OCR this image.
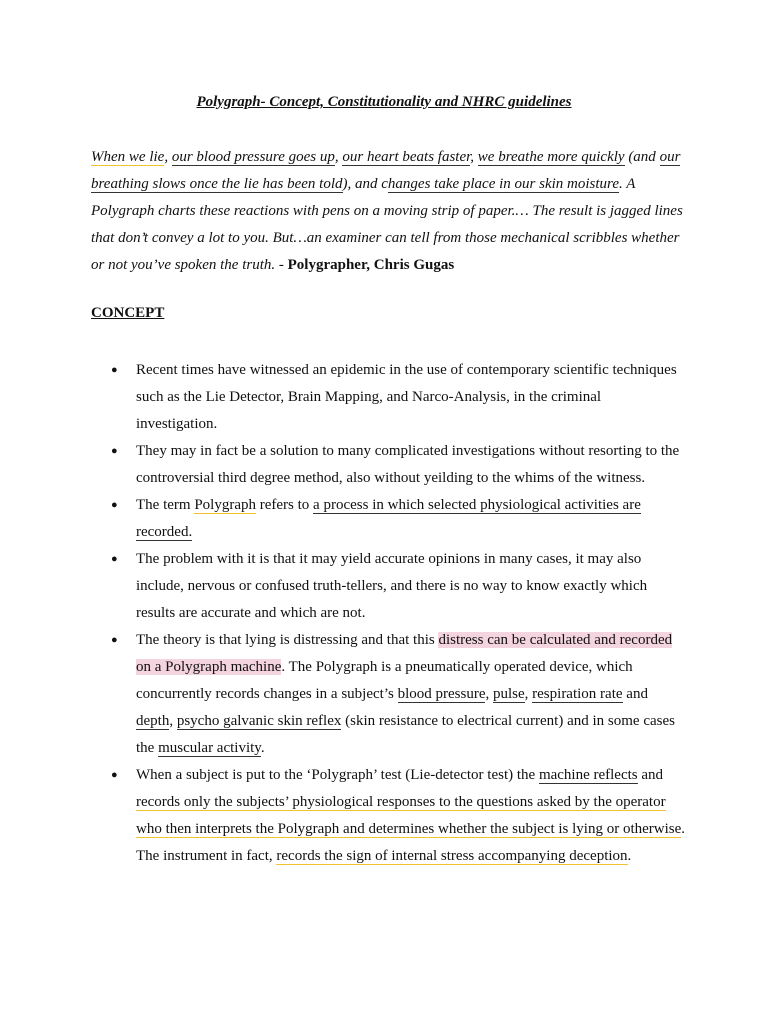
Polygraph- Concept, Constitutionality and NHRC guidelines
When we lie, our blood pressure goes up, our heart beats faster, we breathe more quickly (and our breathing slows once the lie has been told), and changes take place in our skin moisture. A Polygraph charts these reactions with pens on a moving strip of paper.… The result is jagged lines that don’t convey a lot to you. But…an examiner can tell from those mechanical scribbles whether or not you’ve spoken the truth. - Polygrapher, Chris Gugas
CONCEPT
● Recent times have witnessed an epidemic in the use of contemporary scientific techniques such as the Lie Detector, Brain Mapping, and Narco-Analysis, in the criminal investigation.
● They may in fact be a solution to many complicated investigations without resorting to the controversial third degree method, also without yeilding to the whims of the witness.
● The term Polygraph refers to a process in which selected physiological activities are recorded.
● The problem with it is that it may yield accurate opinions in many cases, it may also include, nervous or confused truth-tellers, and there is no way to know exactly which results are accurate and which are not.
● The theory is that lying is distressing and that this distress can be calculated and recorded on a Polygraph machine. The Polygraph is a pneumatically operated device, which concurrently records changes in a subject’s blood pressure, pulse, respiration rate and depth, psycho galvanic skin reflex (skin resistance to electrical current) and in some cases the muscular activity.
● When a subject is put to the ‘Polygraph’ test (Lie-detector test) the machine reflects and records only the subjects’ physiological responses to the questions asked by the operator who then interprets the Polygraph and determines whether the subject is lying or otherwise. The instrument in fact, records the sign of internal stress accompanying deception.
